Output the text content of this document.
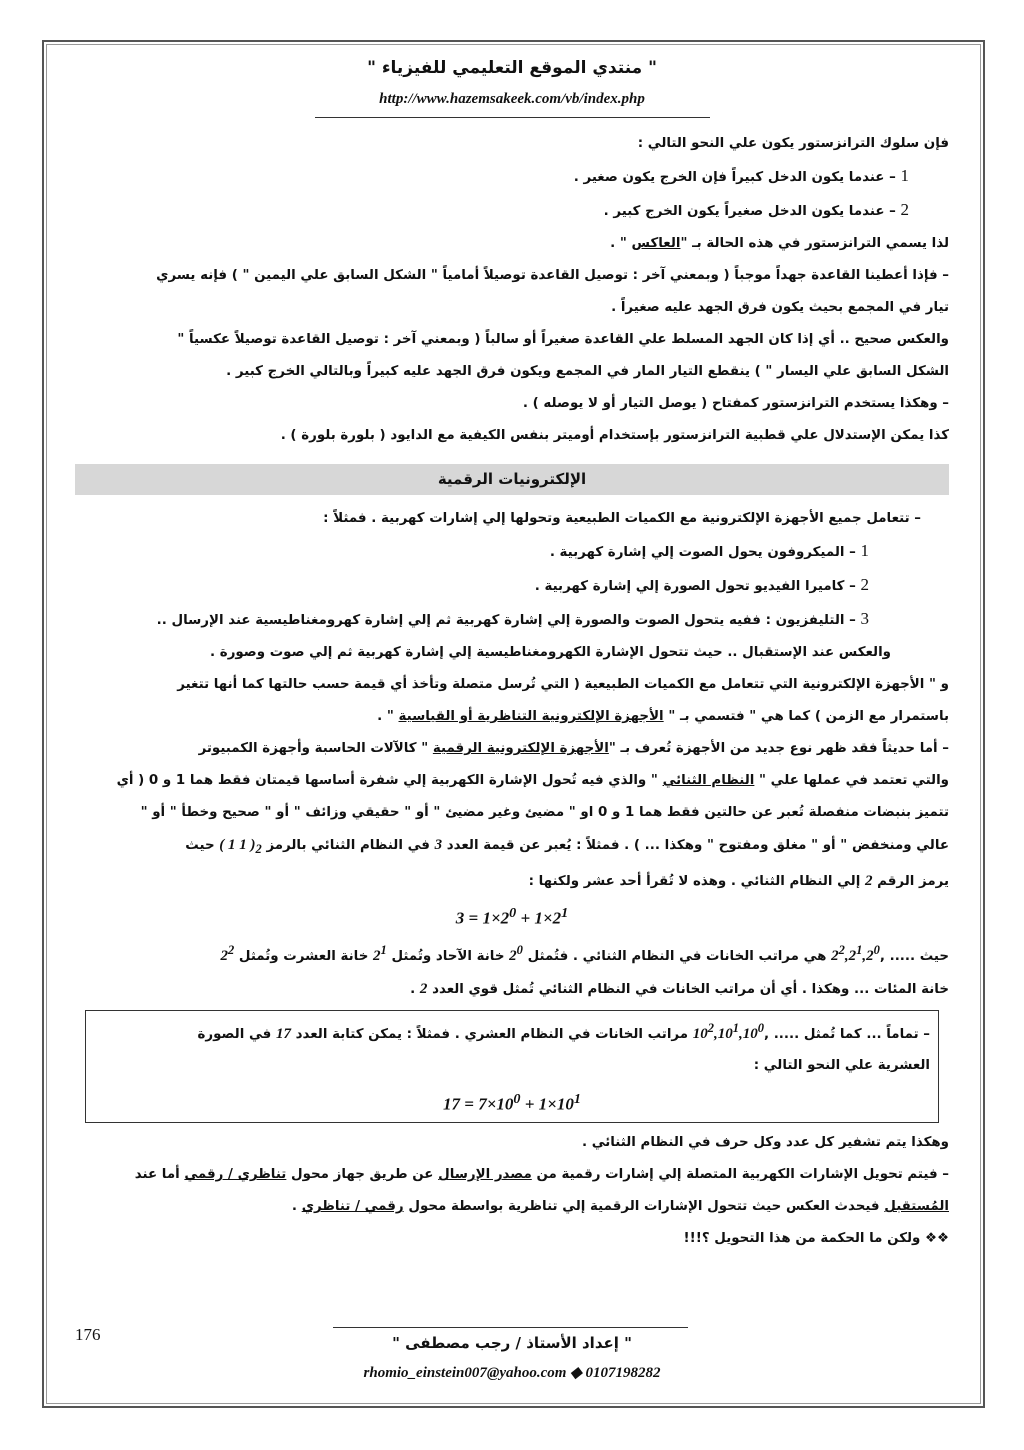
" منتدي الموقع التعليمي للفيزياء "
http://www.hazemsakeek.com/vb/index.php

فإن سلوك الترانزستور يكون علي النحو التالي :

1 – عندما يكون الدخل كبيراً فإن الخرج يكون صغير .

2 – عندما يكون الدخل صغيراً يكون الخرج كبير .

لذا يسمي الترانزستور في هذه الحالة بـ "العاكس " .

– فإذا أعطينا القاعدة جهداً موجباً ( وبمعني آخر : توصيل القاعدة توصيلاً أمامياً " الشكل السابق علي اليمين " ) فإنه يسري

تيار في المجمع بحيث يكون فرق الجهد عليه صغيراً .

والعكس صحيح .. أي إذا كان الجهد المسلط علي القاعدة صغيراً أو سالباً ( وبمعني آخر : توصيل القاعدة توصيلاً عكسياً "

الشكل السابق علي اليسار " ) ينقطع التيار المار في المجمع ويكون فرق الجهد عليه كبيراً وبالتالي الخرج كبير .

– وهكذا يستخدم الترانزستور كمفتاح ( يوصل التيار أو لا يوصله ) .

كذا يمكن الإستدلال علي قطبية الترانزستور بإستخدام أوميتر بنفس الكيفية مع الدايود ( بلورة بلورة ) .

الإلكترونيات الرقمية

– تتعامل جميع الأجهزة الإلكترونية مع الكميات الطبيعية وتحولها إلي إشارات كهربية . فمثلاً :

1 – الميكروفون يحول الصوت إلي إشارة كهربية .

2 – كاميرا الفيديو تحول الصورة إلي إشارة كهربية .

3 – التليفزيون : ففيه يتحول الصوت والصورة إلي إشارة كهربية ثم إلي إشارة كهرومغناطيسية عند الإرسال ..

والعكس عند الإستقبال .. حيث تتحول الإشارة الكهرومغناطيسية إلي إشارة كهربية ثم إلي صوت وصورة .

و " الأجهزة الإلكترونية التي تتعامل مع الكميات الطبيعية ( التي تُرسل متصلة وتأخذ أي قيمة حسب حالتها كما أنها تتغير

باستمرار مع الزمن ) كما هي " فتسمي بـ " الأجهزة الإلكترونية التناظرية أو القياسية " .

– أما حديثاً فقد ظهر نوع جديد من الأجهزة تُعرف بـ "الأجهزة الإلكترونية الرقمية " كالآلات الحاسبة وأجهزة الكمبيوتر

والتي تعتمد في عملها علي " النظام الثنائي " والذي فيه تُحول الإشارة الكهربية إلي شفرة أساسها قيمتان فقط هما 1 و 0 ( أي

تتميز بنبضات منفصلة تُعبر عن حالتين فقط هما 1 و 0 او " مضيئ وغير مضيئ " أو " حقيقي وزائف " أو " صحيح وخطأ " أو "

عالي ومنخفض " أو " مغلق ومفتوح " وهكذا ... ) . فمثلاً : يُعبر عن قيمة العدد 3 في النظام الثنائي بالرمز ( 1 1 )$_2$ حيث

يرمز الرقم 2 إلي النظام الثنائي . وهذه لا تُقرأ أحد عشر ولكنها :

$3 = 1\times 2^0 + 1\times 2^1$

حيث ..... $,2^2,2^1,2^0$ هي مراتب الخانات في النظام الثنائي . فتُمثل $2^0$ خانة الآحاد وتُمثل $2^1$ خانة العشرت وتُمثل $2^2$

خانة المئات ... وهكذا . أي أن مراتب الخانات في النظام الثنائي تُمثل قوي العدد 2 .

– تماماً ... كما تُمثل ..... $,10^2,10^1,10^0$ مراتب الخانات في النظام العشري . فمثلاً : يمكن كتابة العدد 17 في الصورة

العشرية علي النحو التالي :

$17 = 7\times 10^0 + 1\times 10^1$

وهكذا يتم تشفير كل عدد وكل حرف في النظام الثنائي .

– فيتم تحويل الإشارات الكهربية المتصلة إلي إشارات رقمية من مصدر الإرسال عن طريق جهاز محول تناظري / رقمي أما عند

المُستقبل فيحدث العكس حيث تتحول الإشارات الرقمية إلي تناظرية بواسطة محول رقمي / تناظري .

❖❖ ولكن ما الحكمة من هذا التحويل ؟!!!

176	" إعداد الأستاذ / رجب مصطفى "
rhomio_einstein007@yahoo.com ◆ 0107198282
